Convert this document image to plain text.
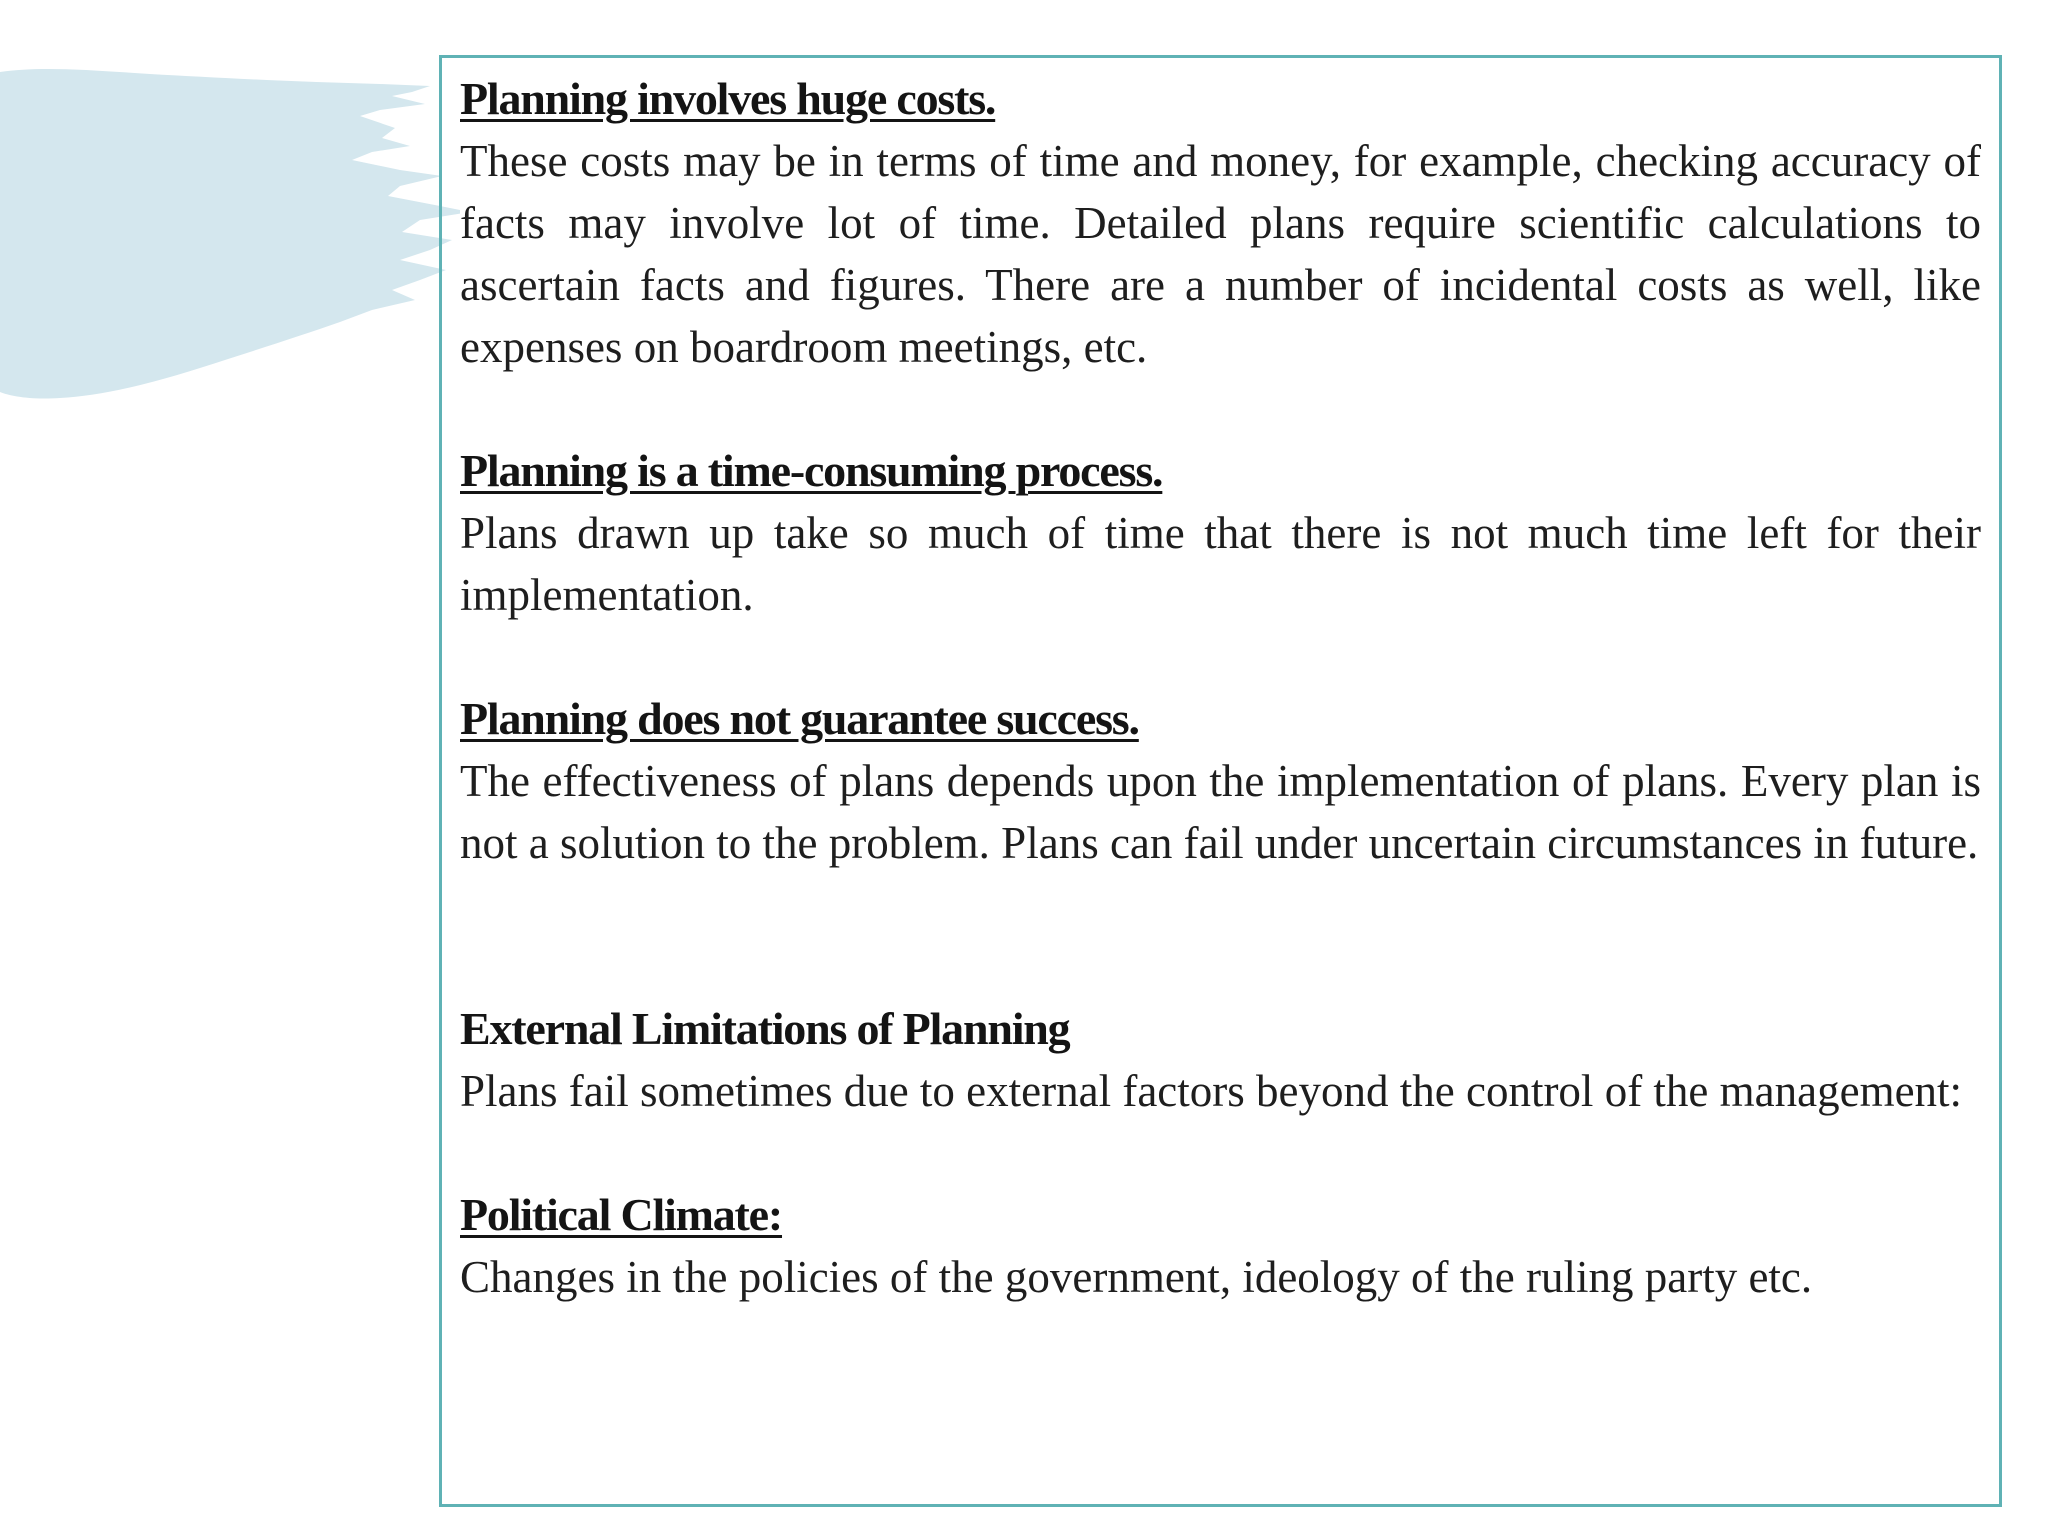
Planning involves huge costs.

These costs may be in terms of time and money, for example, checking accuracy of facts may involve lot of time. Detailed plans require scientific calculations to ascertain facts and figures. There are a number of incidental costs as well, like expenses on boardroom meetings, etc.

Planning is a time-consuming process.

Plans drawn up take so much of time that there is not much time left for their implementation.

Planning does not guarantee success.

The effectiveness of plans depends upon the implementation of plans. Every plan is not a solution to the problem. Plans can fail under uncertain circumstances in future.

External Limitations of Planning

Plans fail sometimes due to external factors beyond the control of the management:

Political Climate:

Changes in the policies of the government, ideology of the ruling party etc.
